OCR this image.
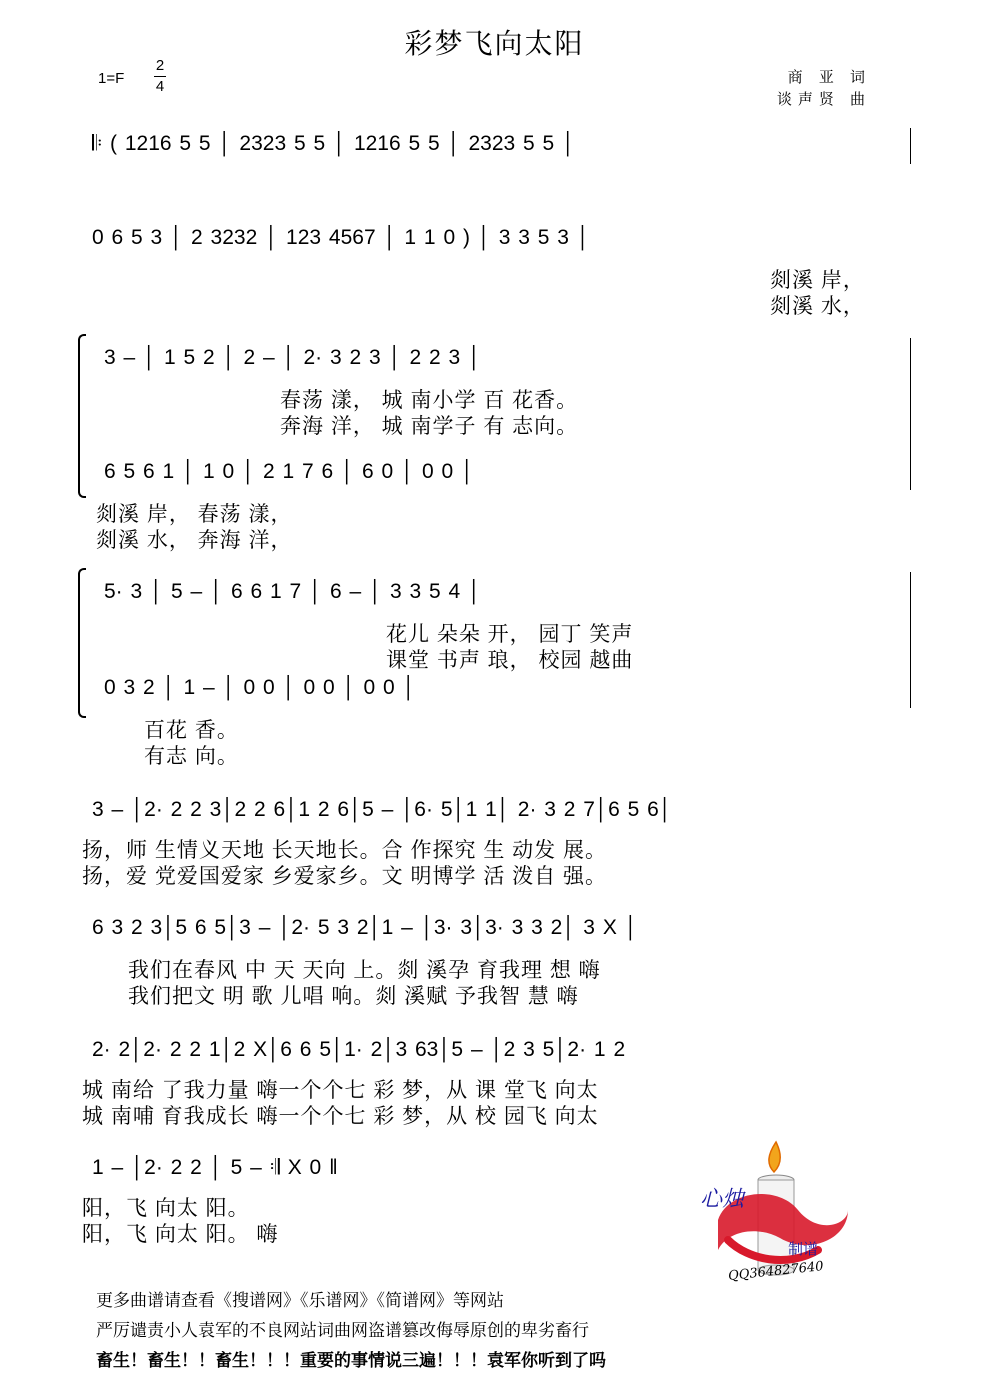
彩梦飞向太阳
1=F
2
4
商 亚 词
谈声贤 曲
𝄆 ( 1216 5 5 │ 2323 5 5 │ 1216 5 5 │ 2323 5 5 │
0 6 5 3 │ 2 3232 │ 123 4567 │ 1 1 0 ) │ 3 3 5 3 │
剡溪 岸，
剡溪 水，
3 – │ 1 5 2 │ 2 – │ 2· 3 2 3 │ 2 2 3 │
春荡 漾， 城 南小学 百 花香。
奔海 洋， 城 南学子 有 志向。
6 5 6 1 │ 1 0 │ 2 1 7 6 │ 6 0 │ 0 0 │
剡溪 岸， 春荡 漾，
剡溪 水， 奔海 洋，
5· 3 │ 5 – │ 6 6 1 7 │ 6 – │ 3 3 5 4 │
花儿 朵朵 开， 园丁 笑声
课堂 书声 琅， 校园 越曲
0 3 2 │ 1 – │ 0 0 │ 0 0 │ 0 0 │
百花 香。
有志 向。
3 – │2· 2 2 3│2 2 6│1 2 6│5 – │6· 5│1 1│ 2· 3 2 7│6 5 6│
扬，师 生情义天地 长天地长。合 作探究 生 动发 展。
扬，爱 党爱国爱家 乡爱家乡。文 明博学 活 泼自 强。
6 3 2 3│5 6 5│3 – │2· 5 3 2│1 – │3· 3│3· 3 3 2│ 3 X │
我们在春风 中 天 天向 上。剡 溪孕 育我理 想 嗨
我们把文 明 歌 儿唱 响。剡 溪赋 予我智 慧 嗨
2· 2│2· 2 2 1│2 X│6 6 5│1· 2│3 63│5 – │2 3 5│2· 1 2
城 南给 了我力量 嗨一个个七 彩 梦，从 课 堂飞 向太
城 南哺 育我成长 嗨一个个七 彩 梦，从 校 园飞 向太
1 – │2· 2 2 │ 5 – 𝄇 X 0 ‖
阳，飞 向太 阳。
阳，飞 向太 阳。 嗨
心烛
制谱
QQ364827640
更多曲谱请查看《搜谱网》《乐谱网》《简谱网》等网站
严厉谴责小人袁军的不良网站词曲网盗谱篡改侮辱原创的卑劣畜行
畜生！畜生！！畜生！！！重要的事情说三遍！！！袁军你听到了吗
